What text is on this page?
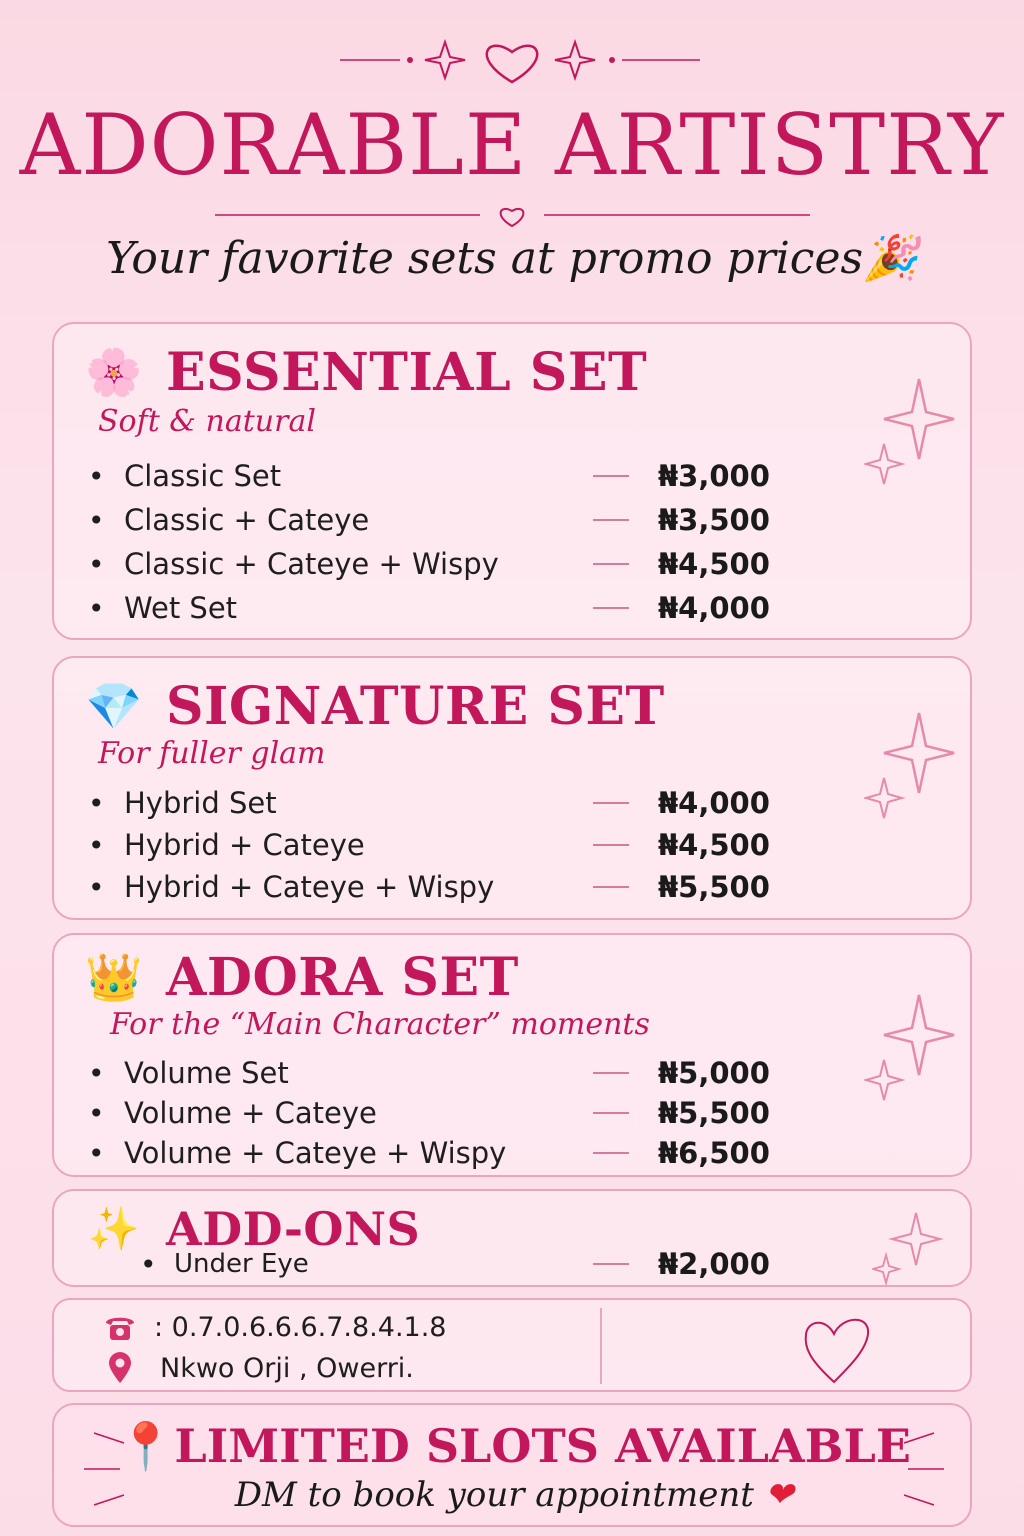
ADORABLE ARTISTRY
Your favorite sets at promo prices🎉
🌸 ESSENTIAL SET
Soft & natural
• Classic Set	₦3,000
• Classic + Cateye	₦3,500
• Classic + Cateye + Wispy	₦4,500
• Wet Set	₦4,000
💎 SIGNATURE SET
For fuller glam
• Hybrid Set	₦4,000
• Hybrid + Cateye	₦4,500
• Hybrid + Cateye + Wispy	₦5,500
👑 ADORA SET
For the “Main Character” moments
• Volume Set	₦5,000
• Volume + Cateye	₦5,500
• Volume + Cateye + Wispy	₦6,500
✨ ADD-ONS
• Under Eye	₦2,000
: 0.7.0.6.6.6.7.8.4.1.8
Nkwo Orji , Owerri.
📍LIMITED SLOTS AVAILABLE
DM to book your appointment ❤
